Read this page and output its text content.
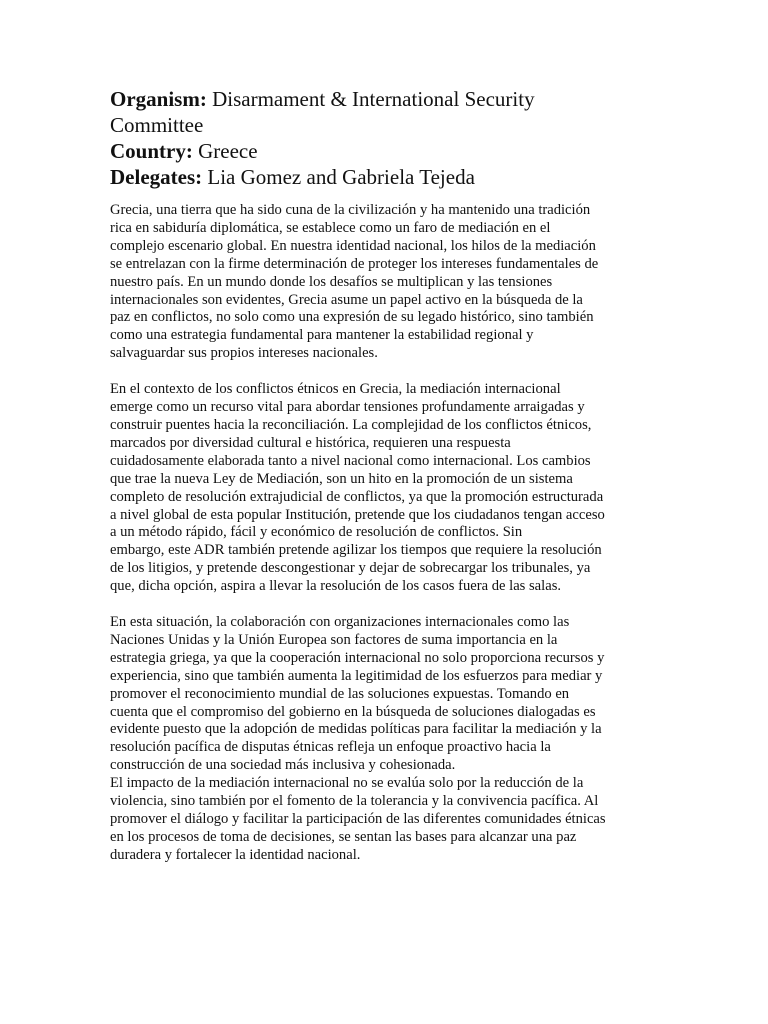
Organism: Disarmament & International Security
Committee
Country: Greece
Delegates: Lia Gomez and Gabriela Tejeda
Grecia, una tierra que ha sido cuna de la civilización y ha mantenido una tradición
rica en sabiduría diplomática, se establece como un faro de mediación en el
complejo escenario global. En nuestra identidad nacional, los hilos de la mediación
se entrelazan con la firme determinación de proteger los intereses fundamentales de
nuestro país. En un mundo donde los desafíos se multiplican y las tensiones
internacionales son evidentes, Grecia asume un papel activo en la búsqueda de la
paz en conflictos, no solo como una expresión de su legado histórico, sino también
como una estrategia fundamental para mantener la estabilidad regional y
salvaguardar sus propios intereses nacionales.
En el contexto de los conflictos étnicos en Grecia, la mediación internacional
emerge como un recurso vital para abordar tensiones profundamente arraigadas y
construir puentes hacia la reconciliación. La complejidad de los conflictos étnicos,
marcados por diversidad cultural e histórica, requieren una respuesta
cuidadosamente elaborada tanto a nivel nacional como internacional. Los cambios
que trae la nueva Ley de Mediación, son un hito en la promoción de un sistema
completo de resolución extrajudicial de conflictos, ya que la promoción estructurada
a nivel global de esta popular Institución, pretende que los ciudadanos tengan acceso
a un método rápido, fácil y económico de resolución de conflictos. Sin
embargo, este ADR también pretende agilizar los tiempos que requiere la resolución
de los litigios, y pretende descongestionar y dejar de sobrecargar los tribunales, ya
que, dicha opción, aspira a llevar la resolución de los casos fuera de las salas.
En esta situación, la colaboración con organizaciones internacionales como las
Naciones Unidas y la Unión Europea son factores de suma importancia en la
estrategia griega, ya que la cooperación internacional no solo proporciona recursos y
experiencia, sino que también aumenta la legitimidad de los esfuerzos para mediar y
promover el reconocimiento mundial de las soluciones expuestas. Tomando en
cuenta que el compromiso del gobierno en la búsqueda de soluciones dialogadas es
evidente puesto que la adopción de medidas políticas para facilitar la mediación y la
resolución pacífica de disputas étnicas refleja un enfoque proactivo hacia la
construcción de una sociedad más inclusiva y cohesionada.
El impacto de la mediación internacional no se evalúa solo por la reducción de la
violencia, sino también por el fomento de la tolerancia y la convivencia pacífica. Al
promover el diálogo y facilitar la participación de las diferentes comunidades étnicas
en los procesos de toma de decisiones, se sentan las bases para alcanzar una paz
duradera y fortalecer la identidad nacional.
